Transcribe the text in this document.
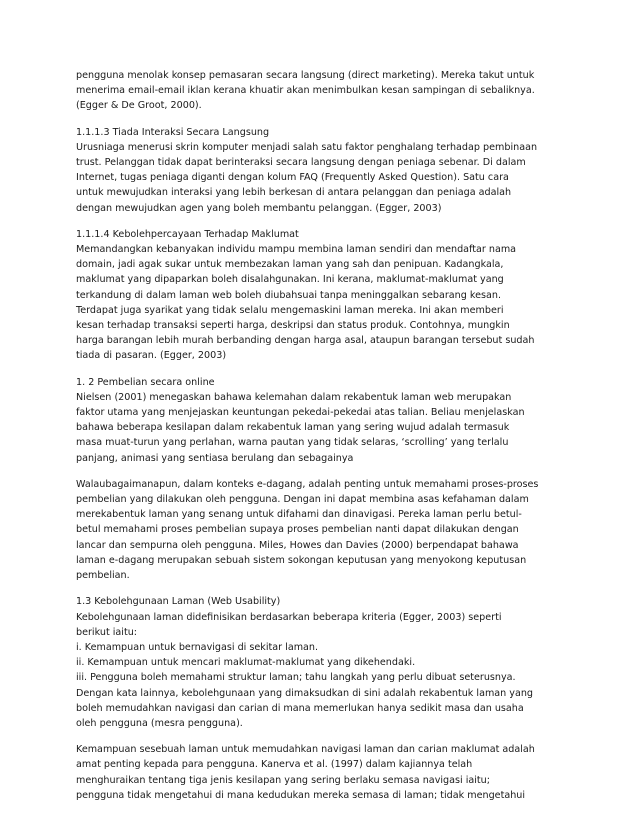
pengguna menolak konsep pemasaran secara langsung (direct marketing). Mereka takut untuk
menerima email-email iklan kerana khuatir akan menimbulkan kesan sampingan di sebaliknya.
(Egger & De Groot, 2000).
1.1.1.3 Tiada Interaksi Secara Langsung
Urusniaga menerusi skrin komputer menjadi salah satu faktor penghalang terhadap pembinaan
trust. Pelanggan tidak dapat berinteraksi secara langsung dengan peniaga sebenar. Di dalam
Internet, tugas peniaga diganti dengan kolum FAQ (Frequently Asked Question). Satu cara
untuk mewujudkan interaksi yang lebih berkesan di antara pelanggan dan peniaga adalah
dengan mewujudkan agen yang boleh membantu pelanggan. (Egger, 2003)
1.1.1.4 Kebolehpercayaan Terhadap Maklumat
Memandangkan kebanyakan individu mampu membina laman sendiri dan mendaftar nama
domain, jadi agak sukar untuk membezakan laman yang sah dan penipuan. Kadangkala,
maklumat yang dipaparkan boleh disalahgunakan. Ini kerana, maklumat-maklumat yang
terkandung di dalam laman web boleh diubahsuai tanpa meninggalkan sebarang kesan.
Terdapat juga syarikat yang tidak selalu mengemaskini laman mereka. Ini akan memberi
kesan terhadap transaksi seperti harga, deskripsi dan status produk. Contohnya, mungkin
harga barangan lebih murah berbanding dengan harga asal, ataupun barangan tersebut sudah
tiada di pasaran. (Egger, 2003)
1. 2 Pembelian secara online
Nielsen (2001) menegaskan bahawa kelemahan dalam rekabentuk laman web merupakan
faktor utama yang menjejaskan keuntungan pekedai-pekedai atas talian. Beliau menjelaskan
bahawa beberapa kesilapan dalam rekabentuk laman yang sering wujud adalah termasuk
masa muat-turun yang perlahan, warna pautan yang tidak selaras, ‘scrolling’ yang terlalu
panjang, animasi yang sentiasa berulang dan sebagainya
Walaubagaimanapun, dalam konteks e-dagang, adalah penting untuk memahami proses-proses
pembelian yang dilakukan oleh pengguna. Dengan ini dapat membina asas kefahaman dalam
merekabentuk laman yang senang untuk difahami dan dinavigasi. Pereka laman perlu betul-
betul memahami proses pembelian supaya proses pembelian nanti dapat dilakukan dengan
lancar dan sempurna oleh pengguna. Miles, Howes dan Davies (2000) berpendapat bahawa
laman e-dagang merupakan sebuah sistem sokongan keputusan yang menyokong keputusan
pembelian.
1.3 Kebolehgunaan Laman (Web Usability)
Kebolehgunaan laman didefinisikan berdasarkan beberapa kriteria (Egger, 2003) seperti
berikut iaitu:
i. Kemampuan untuk bernavigasi di sekitar laman.
ii. Kemampuan untuk mencari maklumat-maklumat yang dikehendaki.
iii. Pengguna boleh memahami struktur laman; tahu langkah yang perlu dibuat seterusnya.
Dengan kata lainnya, kebolehgunaan yang dimaksudkan di sini adalah rekabentuk laman yang
boleh memudahkan navigasi dan carian di mana memerlukan hanya sedikit masa dan usaha
oleh pengguna (mesra pengguna).
Kemampuan sesebuah laman untuk memudahkan navigasi laman dan carian maklumat adalah
amat penting kepada para pengguna. Kanerva et al. (1997) dalam kajiannya telah
menghuraikan tentang tiga jenis kesilapan yang sering berlaku semasa navigasi iaitu;
pengguna tidak mengetahui di mana kedudukan mereka semasa di laman; tidak mengetahui
